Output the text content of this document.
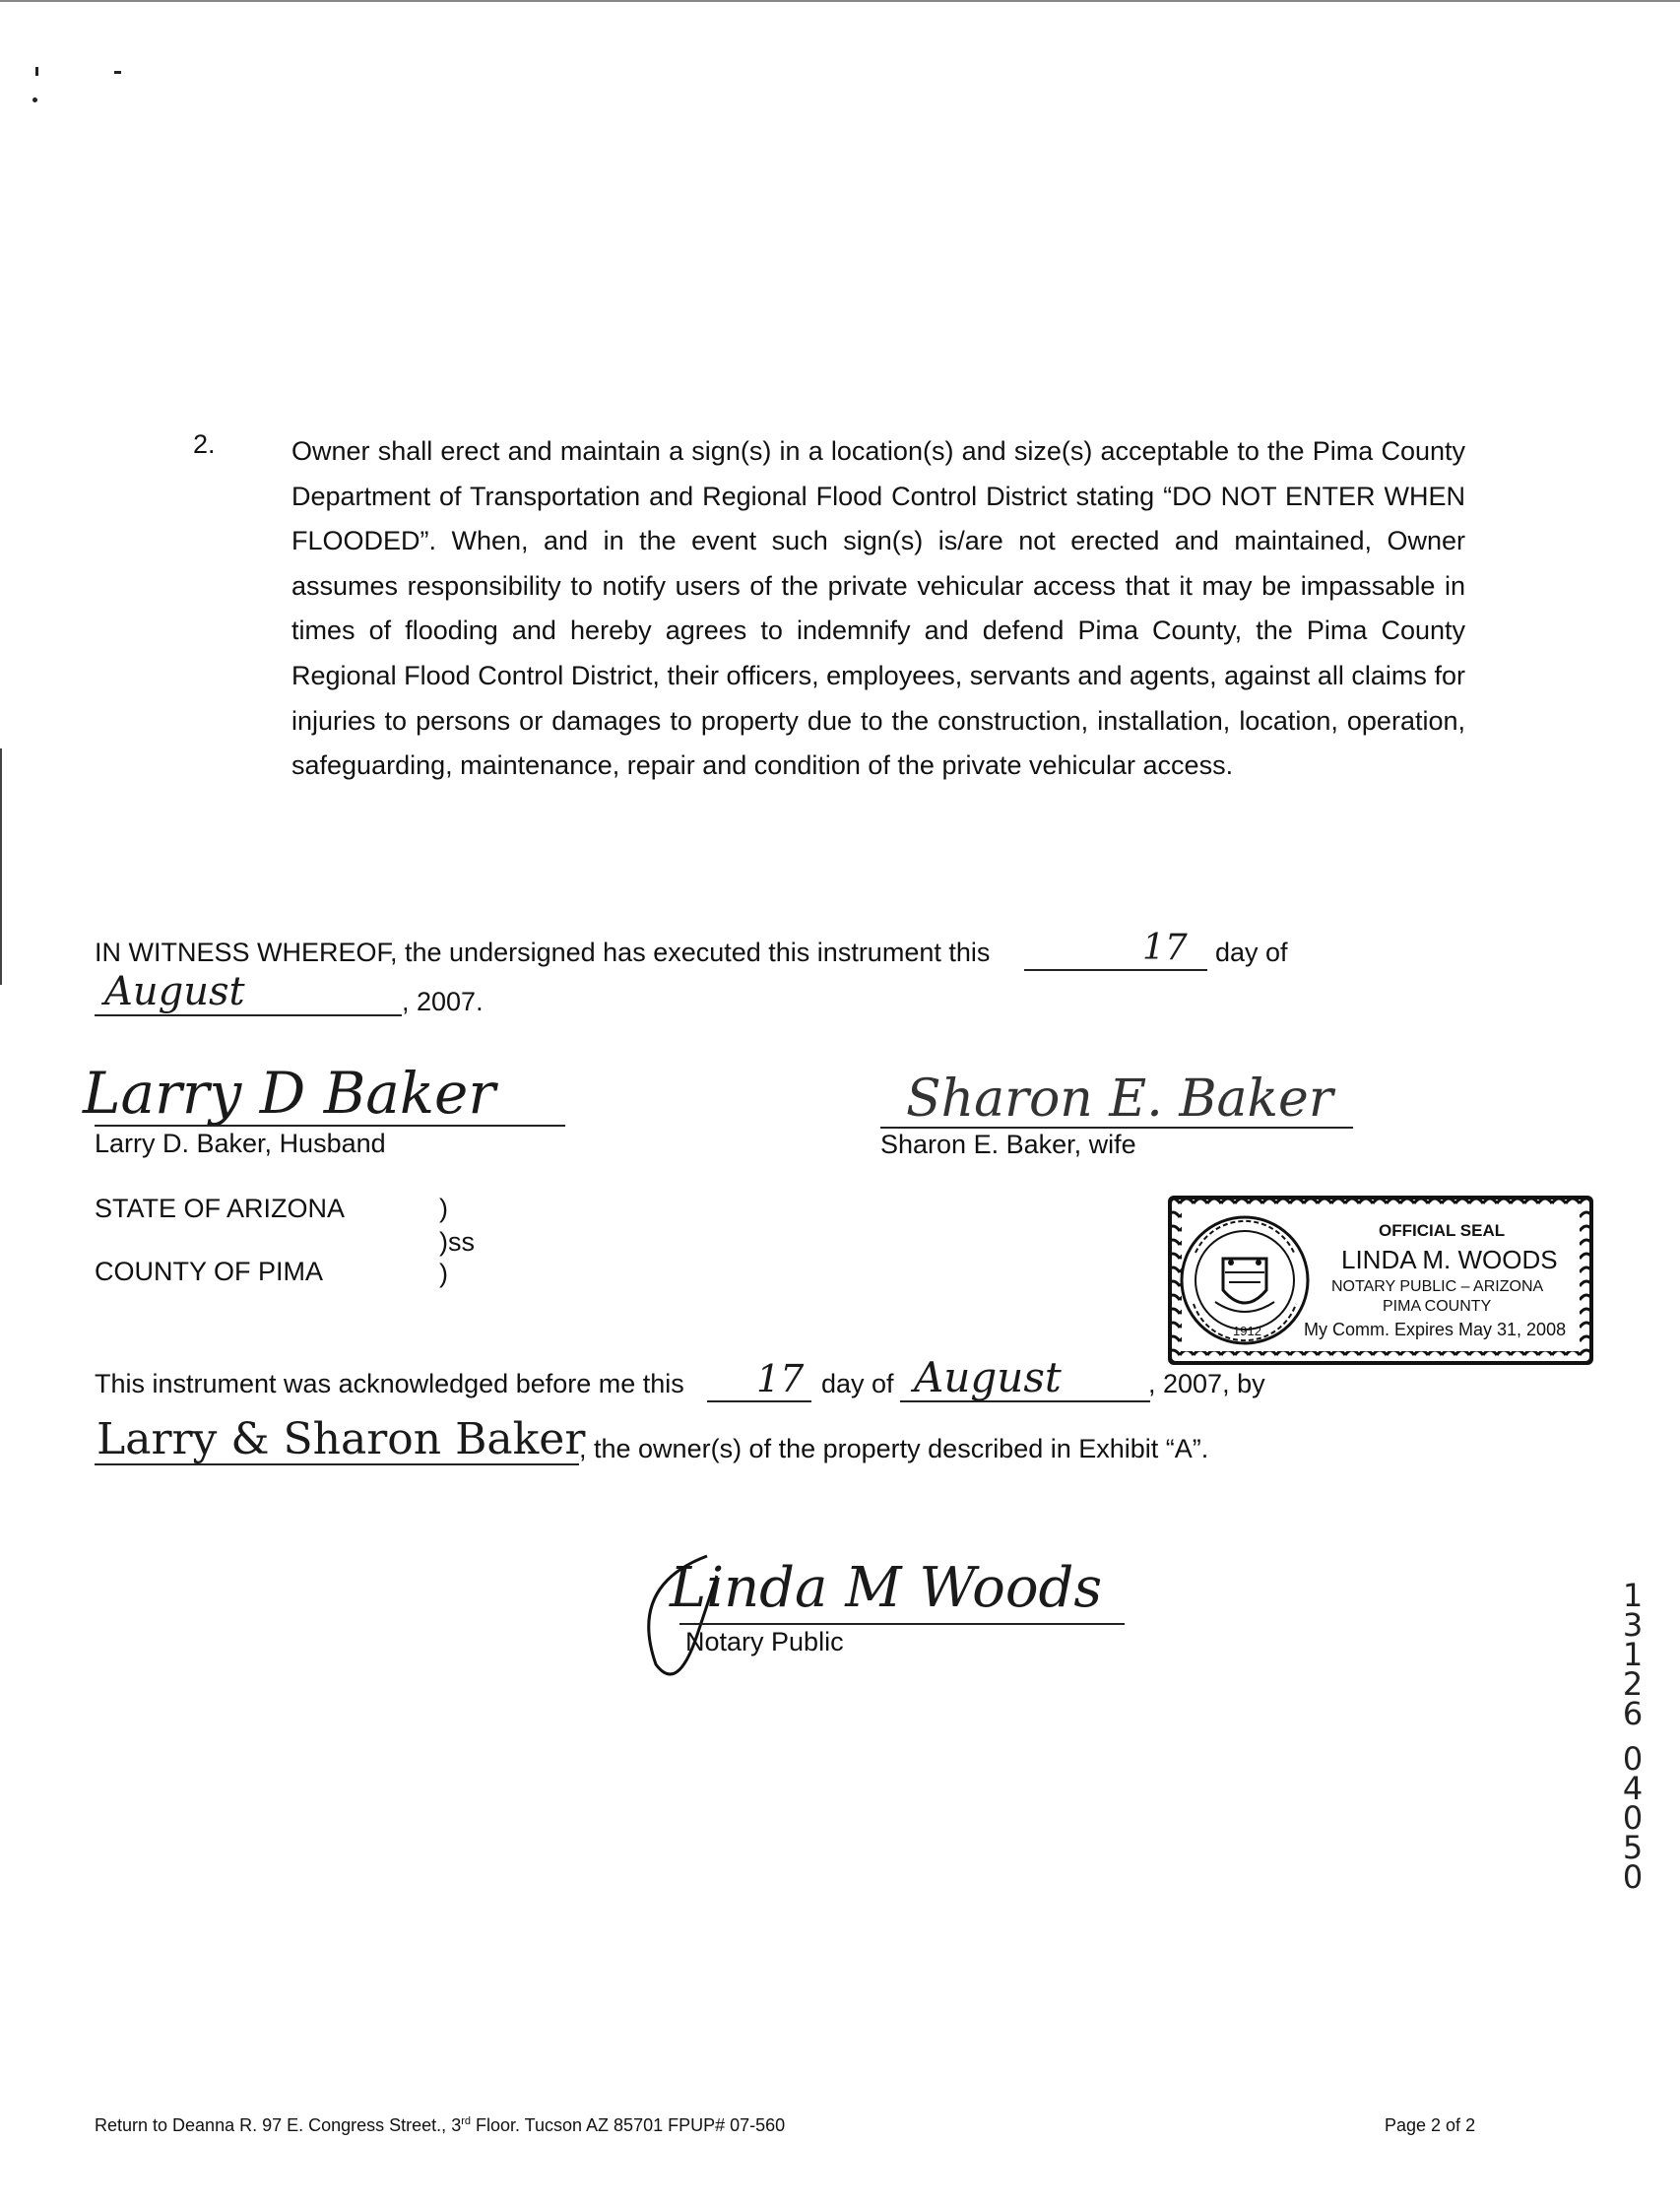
2.	Owner shall erect and maintain a sign(s) in a location(s) and size(s) acceptable to the Pima County Department of Transportation and Regional Flood Control District stating “DO NOT ENTER WHEN FLOODED”. When, and in the event such sign(s) is/are not erected and maintained, Owner assumes responsibility to notify users of the private vehicular access that it may be impassable in times of flooding and hereby agrees to indemnify and defend Pima County, the Pima County Regional Flood Control District, their officers, employees, servants and agents, against all claims for injuries to persons or damages to property due to the construction, installation, location, operation, safeguarding, maintenance, repair and condition of the private vehicular access.
IN WITNESS WHEREOF, the undersigned has executed this instrument this	17 day of
August	, 2007.
Larry D Baker
Larry D. Baker, Husband
Sharon E. Baker
Sharon E. Baker, wife
STATE OF ARIZONA	)
)ss
COUNTY OF PIMA	)
1912
OFFICIAL SEAL
LINDA M. WOODS
NOTARY PUBLIC – ARIZONA
PIMA COUNTY
My Comm. Expires May 31, 2008
This instrument was acknowledged before me this 17 day of August	, 2007, by
Larry & Sharon Baker
, the owner(s) of the property described in Exhibit “A”.
Linda M Woods
Notary Public
1
3
1
2
6
0
4
0
5
0
Return to Deanna R. 97 E. Congress Street., 3rd Floor. Tucson AZ 85701 FPUP# 07-560	Page 2 of 2
